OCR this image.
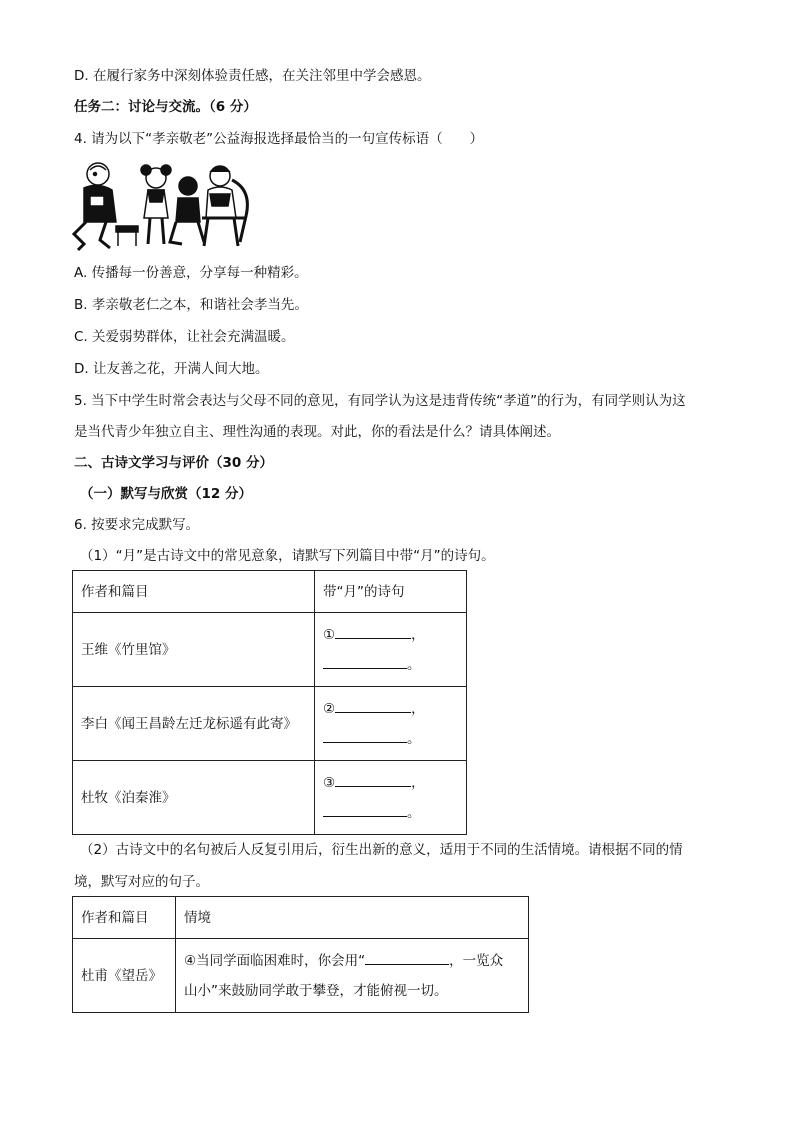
D. 在履行家务中深刻体验责任感，在关注邻里中学会感恩。
任务二：讨论与交流。（6 分）
4. 请为以下“孝亲敬老”公益海报选择最恰当的一句宣传标语（　　）
A. 传播每一份善意，分享每一种精彩。
B. 孝亲敬老仁之本，和谐社会孝当先。
C. 关爱弱势群体，让社会充满温暖。
D. 让友善之花，开满人间大地。
5. 当下中学生时常会表达与父母不同的意见，有同学认为这是违背传统“孝道”的行为，有同学则认为这
是当代青少年独立自主、理性沟通的表现。对此，你的看法是什么？请具体阐述。
二、古诗文学习与评价（30 分）
（一）默写与欣赏（12 分）
6. 按要求完成默写。
（1）“月”是古诗文中的常见意象，请默写下列篇目中带“月”的诗句。
作者和篇目	带“月”的诗句
王维《竹里馆》	① ，
。
李白《闻王昌龄左迁龙标遥有此寄》	② ，
。
杜牧《泊秦淮》	③ ，
。
（2）古诗文中的名句被后人反复引用后，衍生出新的意义，适用于不同的生活情境。请根据不同的情
境，默写对应的句子。
作者和篇目	情境
杜甫《望岳》	④当同学面临困难时，你会用“ ，一览众
山小”来鼓励同学敢于攀登，才能俯视一切。
